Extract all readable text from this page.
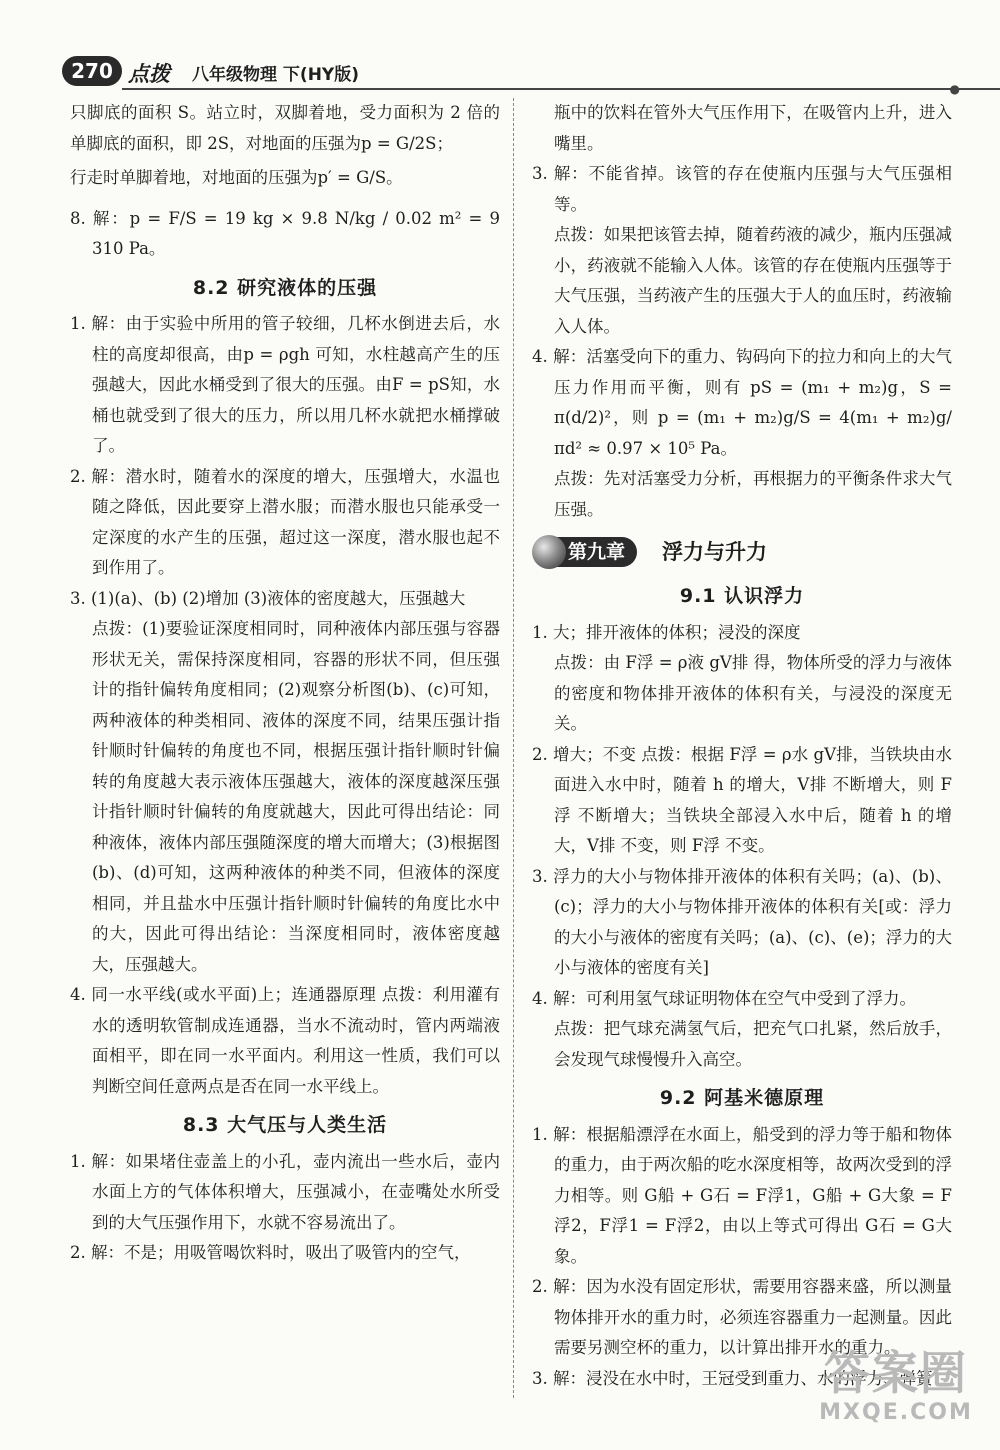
270 点拨 八年级物理 下(HY版)
· · · · ●

只脚底的面积 S。站立时，双脚着地，受力面积为 2 倍的单脚底的面积，即 2S，对地面的压强为p = G/2S；

行走时单脚着地，对地面的压强为p′ = G/S。

8. 解：p = F/S = 19 kg × 9.8 N/kg / 0.02 m² = 9 310 Pa。

8.2 研究液体的压强

1. 解：由于实验中所用的管子较细，几杯水倒进去后，水柱的高度却很高，由p = ρgh 可知，水柱越高产生的压强越大，因此水桶受到了很大的压强。由F = pS知，水桶也就受到了很大的压力，所以用几杯水就把水桶撑破了。

2. 解：潜水时，随着水的深度的增大，压强增大，水温也随之降低，因此要穿上潜水服；而潜水服也只能承受一定深度的水产生的压强，超过这一深度，潜水服也起不到作用了。

3. (1)(a)、(b) (2)增加 (3)液体的密度越大，压强越大

点拨：(1)要验证深度相同时，同种液体内部压强与容器形状无关，需保持深度相同，容器的形状不同，但压强计的指针偏转角度相同；(2)观察分析图(b)、(c)可知，两种液体的种类相同、液体的深度不同，结果压强计指针顺时针偏转的角度也不同，根据压强计指针顺时针偏转的角度越大表示液体压强越大，液体的深度越深压强计指针顺时针偏转的角度就越大，因此可得出结论：同种液体，液体内部压强随深度的增大而增大；(3)根据图(b)、(d)可知，这两种液体的种类不同，但液体的深度相同，并且盐水中压强计指针顺时针偏转的角度比水中的大，因此可得出结论：当深度相同时，液体密度越大，压强越大。

4. 同一水平线(或水平面)上；连通器原理 点拨：利用灌有水的透明软管制成连通器，当水不流动时，管内两端液面相平，即在同一水平面内。利用这一性质，我们可以判断空间任意两点是否在同一水平线上。

8.3 大气压与人类生活

1. 解：如果堵住壶盖上的小孔，壶内流出一些水后，壶内水面上方的气体体积增大，压强减小，在壶嘴处水所受到的大气压强作用下，水就不容易流出了。

2. 解：不是；用吸管喝饮料时，吸出了吸管内的空气，

瓶中的饮料在管外大气压作用下，在吸管内上升，进入嘴里。

3. 解：不能省掉。该管的存在使瓶内压强与大气压强相等。

点拨：如果把该管去掉，随着药液的减少，瓶内压强减小，药液就不能输入人体。该管的存在使瓶内压强等于大气压强，当药液产生的压强大于人的血压时，药液输入人体。

4. 解：活塞受向下的重力、钩码向下的拉力和向上的大气压力作用而平衡，则有 pS = (m₁ + m₂)g，S = π(d/2)²，则 p = (m₁ + m₂)g/S = 4(m₁ + m₂)g/πd² ≈ 0.97 × 10⁵ Pa。

点拨：先对活塞受力分析，再根据力的平衡条件求大气压强。

第九章	浮力与升力
9.1 认识浮力

1. 大；排开液体的体积；浸没的深度

点拨：由 F浮 = ρ液 gV排 得，物体所受的浮力与液体的密度和物体排开液体的体积有关，与浸没的深度无关。

2. 增大；不变 点拨：根据 F浮 = ρ水 gV排，当铁块由水面进入水中时，随着 h 的增大，V排 不断增大，则 F浮 不断增大；当铁块全部浸入水中后，随着 h 的增大，V排 不变，则 F浮 不变。

3. 浮力的大小与物体排开液体的体积有关吗；(a)、(b)、(c)；浮力的大小与物体排开液体的体积有关[或：浮力的大小与液体的密度有关吗；(a)、(c)、(e)；浮力的大小与液体的密度有关]

4. 解：可利用氢气球证明物体在空气中受到了浮力。

点拨：把气球充满氢气后，把充气口扎紧，然后放手，会发现气球慢慢升入高空。

9.2 阿基米德原理

1. 解：根据船漂浮在水面上，船受到的浮力等于船和物体的重力，由于两次船的吃水深度相等，故两次受到的浮力相等。则 G船 + G石 = F浮1，G船 + G大象 = F浮2，F浮1 = F浮2，由以上等式可得出 G石 = G大象。

2. 解：因为水没有固定形状，需要用容器来盛，所以测量物体排开水的重力时，必须连容器重力一起测量。因此需要另测空杯的重力，以计算出排开水的重力。

3. 解：浸没在水中时，王冠受到重力、水的浮力、弹簧

答案圈
MXQE.COM
